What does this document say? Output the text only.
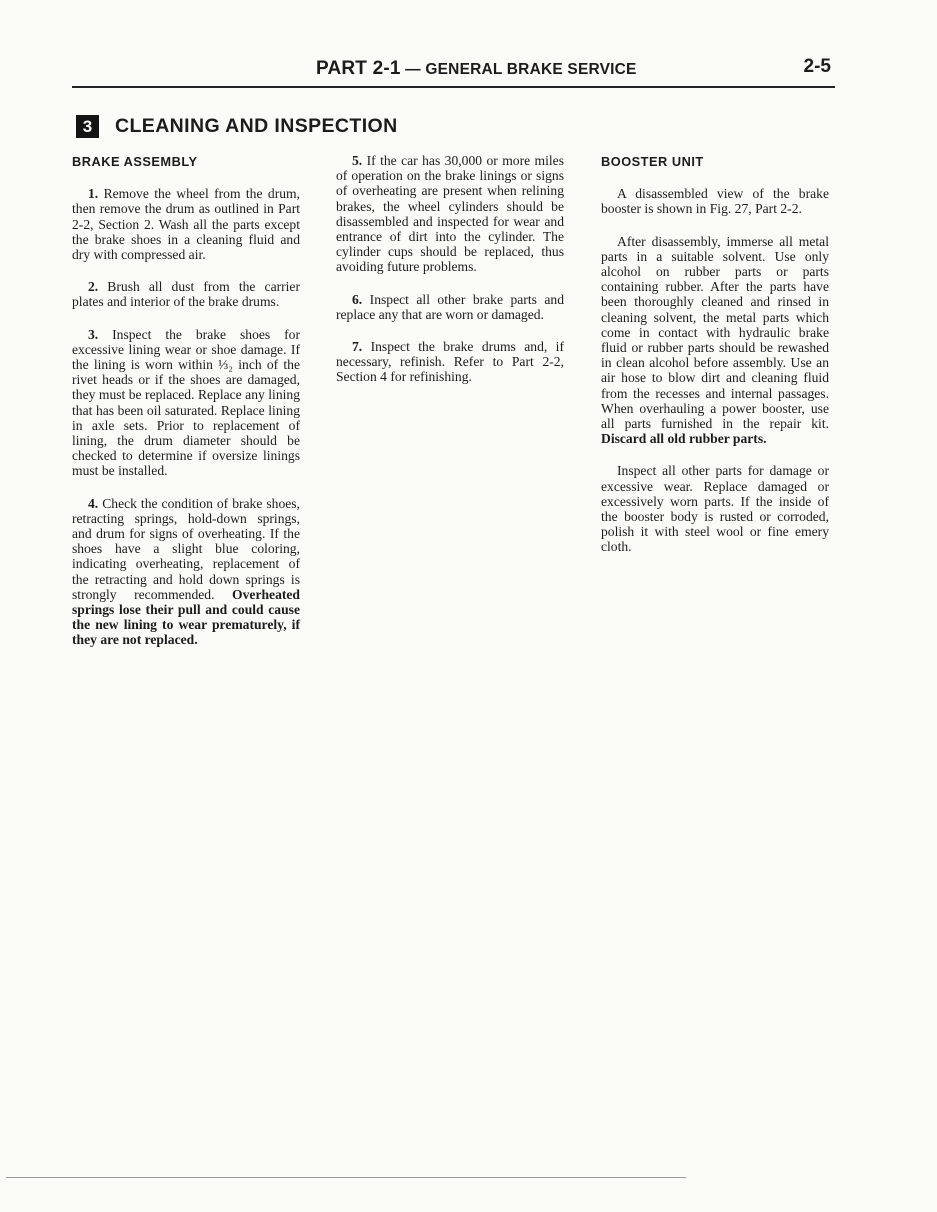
PART 2-1 — GENERAL BRAKE SERVICE	2-5
3	CLEANING AND INSPECTION
BRAKE ASSEMBLY

1. Remove the wheel from the drum, then remove the drum as outlined in Part 2-2, Section 2. Wash all the parts except the brake shoes in a cleaning fluid and dry with compressed air.

2. Brush all dust from the carrier plates and interior of the brake drums.

3. Inspect the brake shoes for excessive lining wear or shoe damage. If the lining is worn within ⅓₂ inch of the rivet heads or if the shoes are damaged, they must be replaced. Replace any lining that has been oil saturated. Replace lining in axle sets. Prior to replacement of lining, the drum diameter should be checked to determine if oversize linings must be installed.

4. Check the condition of brake shoes, retracting springs, hold-down springs, and drum for signs of overheating. If the shoes have a slight blue coloring, indicating overheating, replacement of the retracting and hold down springs is strongly recommended. Overheated springs lose their pull and could cause the new lining to wear prematurely, if they are not replaced.

5. If the car has 30,000 or more miles of operation on the brake linings or signs of overheating are present when relining brakes, the wheel cylinders should be disassembled and inspected for wear and entrance of dirt into the cylinder. The cylinder cups should be replaced, thus avoiding future problems.

6. Inspect all other brake parts and replace any that are worn or damaged.

7. Inspect the brake drums and, if necessary, refinish. Refer to Part 2-2, Section 4 for refinishing.

BOOSTER UNIT

A disassembled view of the brake booster is shown in Fig. 27, Part 2-2.

After disassembly, immerse all metal parts in a suitable solvent. Use only alcohol on rubber parts or parts containing rubber. After the parts have been thoroughly cleaned and rinsed in cleaning solvent, the metal parts which come in contact with hydraulic brake fluid or rubber parts should be rewashed in clean alcohol before assembly. Use an air hose to blow dirt and cleaning fluid from the recesses and internal passages. When overhauling a power booster, use all parts furnished in the repair kit. Discard all old rubber parts.

Inspect all other parts for damage or excessive wear. Replace damaged or excessively worn parts. If the inside of the booster body is rusted or corroded, polish it with steel wool or fine emery cloth.
